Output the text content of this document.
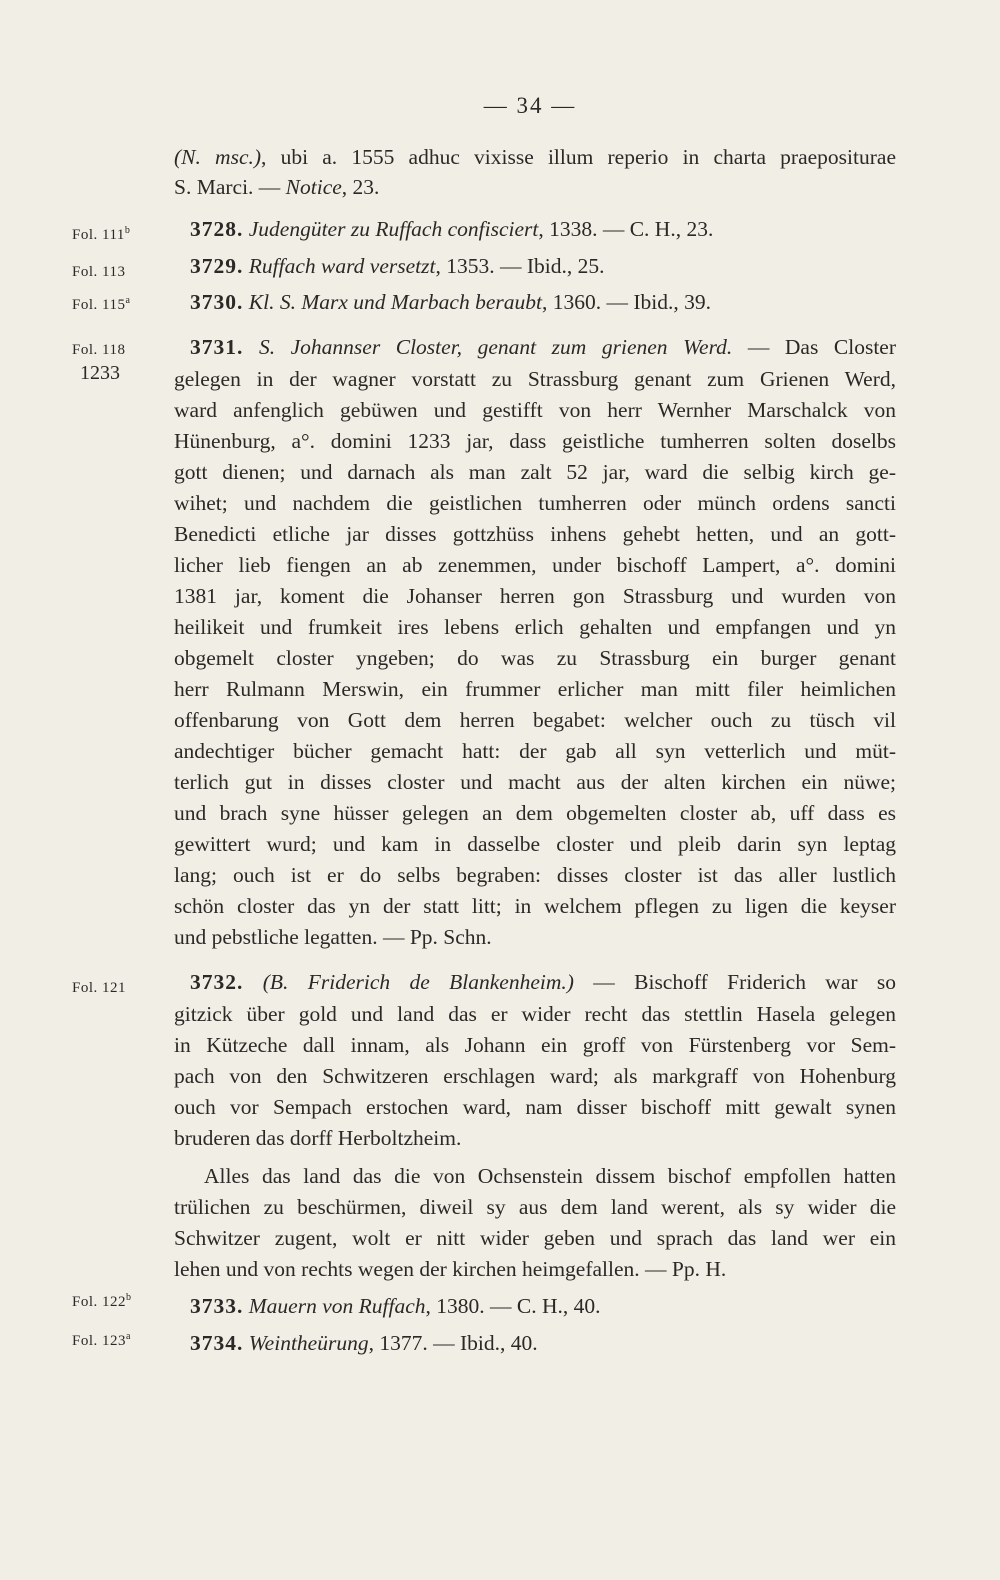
— 34 —
Fol. 111$^b$
Fol. 113
Fol. 115$^a$
Fol. 118
1233
Fol. 121
Fol. 122$^b$
Fol. 123$^a$
(N. msc.), ubi a. 1555 adhuc vixisse illum reperio in charta praepositurae
S. Marci. — Notice, 23.
3728. Judengüter zu Ruffach confisciert, 1338. — C. H., 23.
3729. Ruffach ward versetzt, 1353. — Ibid., 25.
3730. Kl. S. Marx und Marbach beraubt, 1360. — Ibid., 39.
3731. S. Johannser Closter, genant zum grienen Werd. — Das Closter
gelegen in der wagner vorstatt zu Strassburg genant zum Grienen Werd,
ward anfenglich gebüwen und gestifft von herr Wernher Marschalck von
Hünenburg, a°. domini 1233 jar, dass geistliche tumherren solten doselbs
gott dienen; und darnach als man zalt 52 jar, ward die selbig kirch ge-
wihet; und nachdem die geistlichen tumherren oder münch ordens sancti
Benedicti etliche jar disses gottzhüss inhens gehebt hetten, und an gott-
licher lieb fiengen an ab zenemmen, under bischoff Lampert, a°. domini
1381 jar, koment die Johanser herren gon Strassburg und wurden von
heilikeit und frumkeit ires lebens erlich gehalten und empfangen und yn
obgemelt closter yngeben; do was zu Strassburg ein burger genant
herr Rulmann Merswin, ein frummer erlicher man mitt filer heimlichen
offenbarung von Gott dem herren begabet: welcher ouch zu tüsch vil
andechtiger bücher gemacht hatt: der gab all syn vetterlich und müt-
terlich gut in disses closter und macht aus der alten kirchen ein nüwe;
und brach syne hüsser gelegen an dem obgemelten closter ab, uff dass es
gewittert wurd; und kam in dasselbe closter und pleib darin syn leptag
lang; ouch ist er do selbs begraben: disses closter ist das aller lustlich
schön closter das yn der statt litt; in welchem pflegen zu ligen die keyser
und pebstliche legatten. — Pp. Schn.
3732. (B. Friderich de Blankenheim.) — Bischoff Friderich war so
gitzick über gold und land das er wider recht das stettlin Hasela gelegen
in Kützeche dall innam, als Johann ein groff von Fürstenberg vor Sem-
pach von den Schwitzeren erschlagen ward; als markgraff von Hohenburg
ouch vor Sempach erstochen ward, nam disser bischoff mitt gewalt synen
bruderen das dorff Herboltzheim.
Alles das land das die von Ochsenstein dissem bischof empfollen hatten
trülichen zu beschürmen, diweil sy aus dem land werent, als sy wider die
Schwitzer zugent, wolt er nitt wider geben und sprach das land wer ein
lehen und von rechts wegen der kirchen heimgefallen. — Pp. H.
3733. Mauern von Ruffach, 1380. — C. H., 40.
3734. Weintheürung, 1377. — Ibid., 40.
